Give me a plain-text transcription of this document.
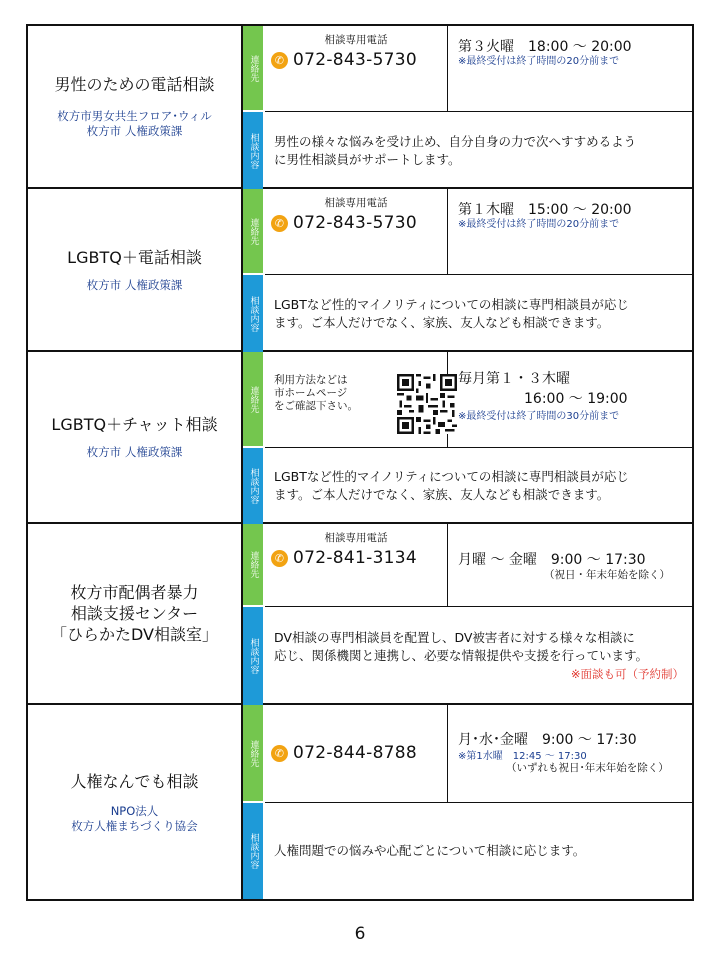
男性のための電話相談
枚方市男女共生フロア･ウィル
枚方市 人権政策課
連絡先
相談内容
相談専用電話
✆ 072-843-5730
第３火曜　18:00 ～ 20:00
※最終受付は終了時間の20分前まで
男性の様々な悩みを受け止め、自分自身の力で次へすすめるよう
に男性相談員がサポートします。
LGBTQ＋電話相談
枚方市 人権政策課
連絡先
相談内容
相談専用電話
✆ 072-843-5730
第１木曜　15:00 ～ 20:00
※最終受付は終了時間の20分前まで
LGBTなど性的マイノリティについての相談に専門相談員が応じ
ます。ご本人だけでなく、家族、友人なども相談できます。
LGBTQ＋チャット相談
枚方市 人権政策課
連絡先
相談内容
利用方法などは
市ホームページ
をご確認下さい。
毎月第１・３木曜
16:00 ～ 19:00
※最終受付は終了時間の30分前まで
LGBTなど性的マイノリティについての相談に専門相談員が応じ
ます。ご本人だけでなく、家族、友人なども相談できます。
枚方市配偶者暴力
相談支援センター
「ひらかたDV相談室」
連絡先
相談内容
相談専用電話
✆ 072-841-3134	月曜 ～ 金曜　9:00 ～ 17:30
（祝日・年末年始を除く）
DV相談の専門相談員を配置し、DV被害者に対する様々な相談に
応じ、関係機関と連携し、必要な情報提供や支援を行っています。
※面談も可（予約制）
人権なんでも相談
NPO法人
枚方人権まちづくり協会
連絡先
相談内容
✆ 072-844-8788
月･水･金曜　9:00 ～ 17:30
※第1水曜　12:45 ～ 17:30
（いずれも祝日･年末年始を除く）
人権問題での悩みや心配ごとについて相談に応じます。
6
